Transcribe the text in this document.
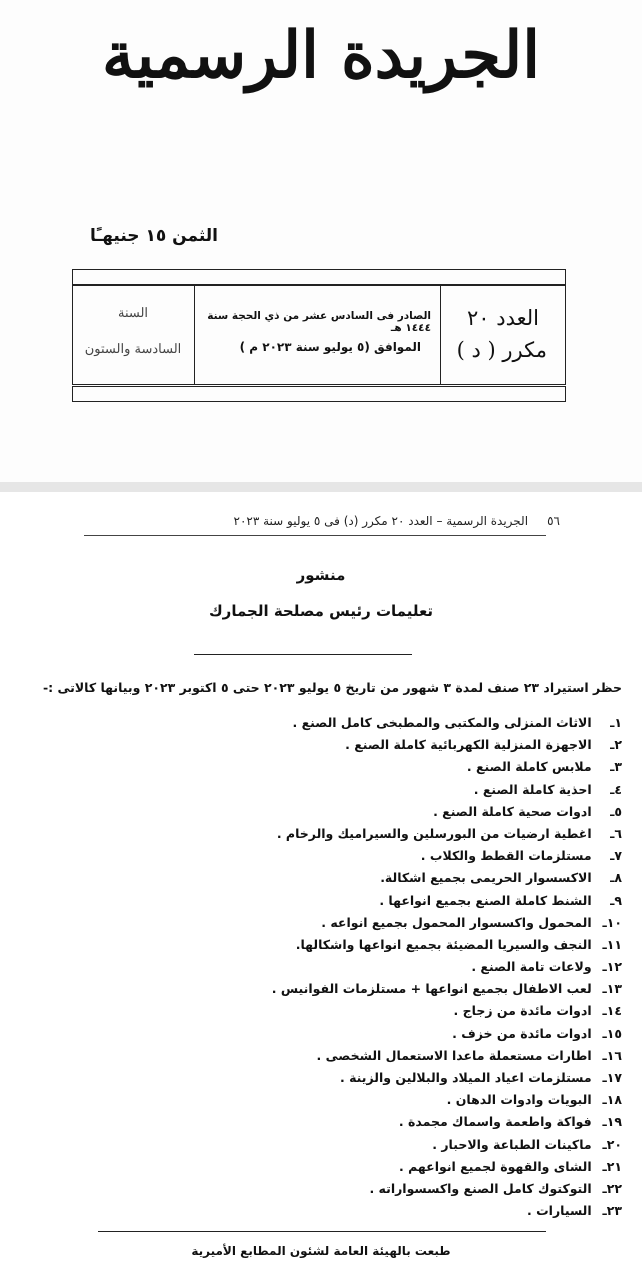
الجريدة الرسمية
الثمن ١٥ جنيهـًا
العدد ٢٠
مكرر ( د )
الصادر فى السادس عشر من ذي الحجة سنة ١٤٤٤ هـ
الموافق (٥ يوليو سنة ٢٠٢٣ م )
السنة
السادسة والستون
٥٦     الجريدة الرسمية – العدد ٢٠ مكرر (د) فى ٥ يوليو سنة ٢٠٢٣
منشور
تعليمات رئيس مصلحة الجمارك
حظر استيراد ٢٣ صنف لمدة ٣ شهور من تاريخ ٥ يوليو ٢٠٢٣ حتى ٥ اكتوبر ٢٠٢٣ وبيانها كالاتى :-
١ـ الاثاث المنزلى والمكتبى والمطبخى كامل الصنع .
٢ـ الاجهزة المنزلية الكهربائية كاملة الصنع .
٣ـ ملابس كاملة الصنع .
٤ـ احذية كاملة الصنع .
٥ـ ادوات صحية كاملة الصنع .
٦ـ اغطية ارضيات من البورسلين والسيراميك والرخام .
٧ـ مستلزمات القطط والكلاب .
٨ـ الاكسسوار الحريمى بجميع اشكالة.
٩ـ الشنط كاملة الصنع بجميع انواعها .
١٠ـ المحمول واكسسوار المحمول بجميع انواعه .
١١ـ النجف والسيريا المضيئة بجميع انواعها واشكالها.
١٢ـ ولاعات تامة الصنع .
١٣ـ لعب الاطفال بجميع انواعها + مستلزمات الفوانيس .
١٤ـ ادوات مائدة من زجاج .
١٥ـ ادوات مائدة من خزف .
١٦ـ اطارات مستعملة ماعدا الاستعمال الشخصى .
١٧ـ مستلزمات اعياد الميلاد والبلالين والزينة .
١٨ـ البويات وادوات الدهان .
١٩ـ فواكة واطعمة واسماك مجمدة .
٢٠ـ ماكينات الطباعة والاحبار .
٢١ـ الشاى والقهوة لجميع انواعهم .
٢٢ـ التوكتوك كامل الصنع واكسسواراته .
٢٣ـ السيارات .
طبعت بالهيئة العامة لشئون المطابع الأميرية
